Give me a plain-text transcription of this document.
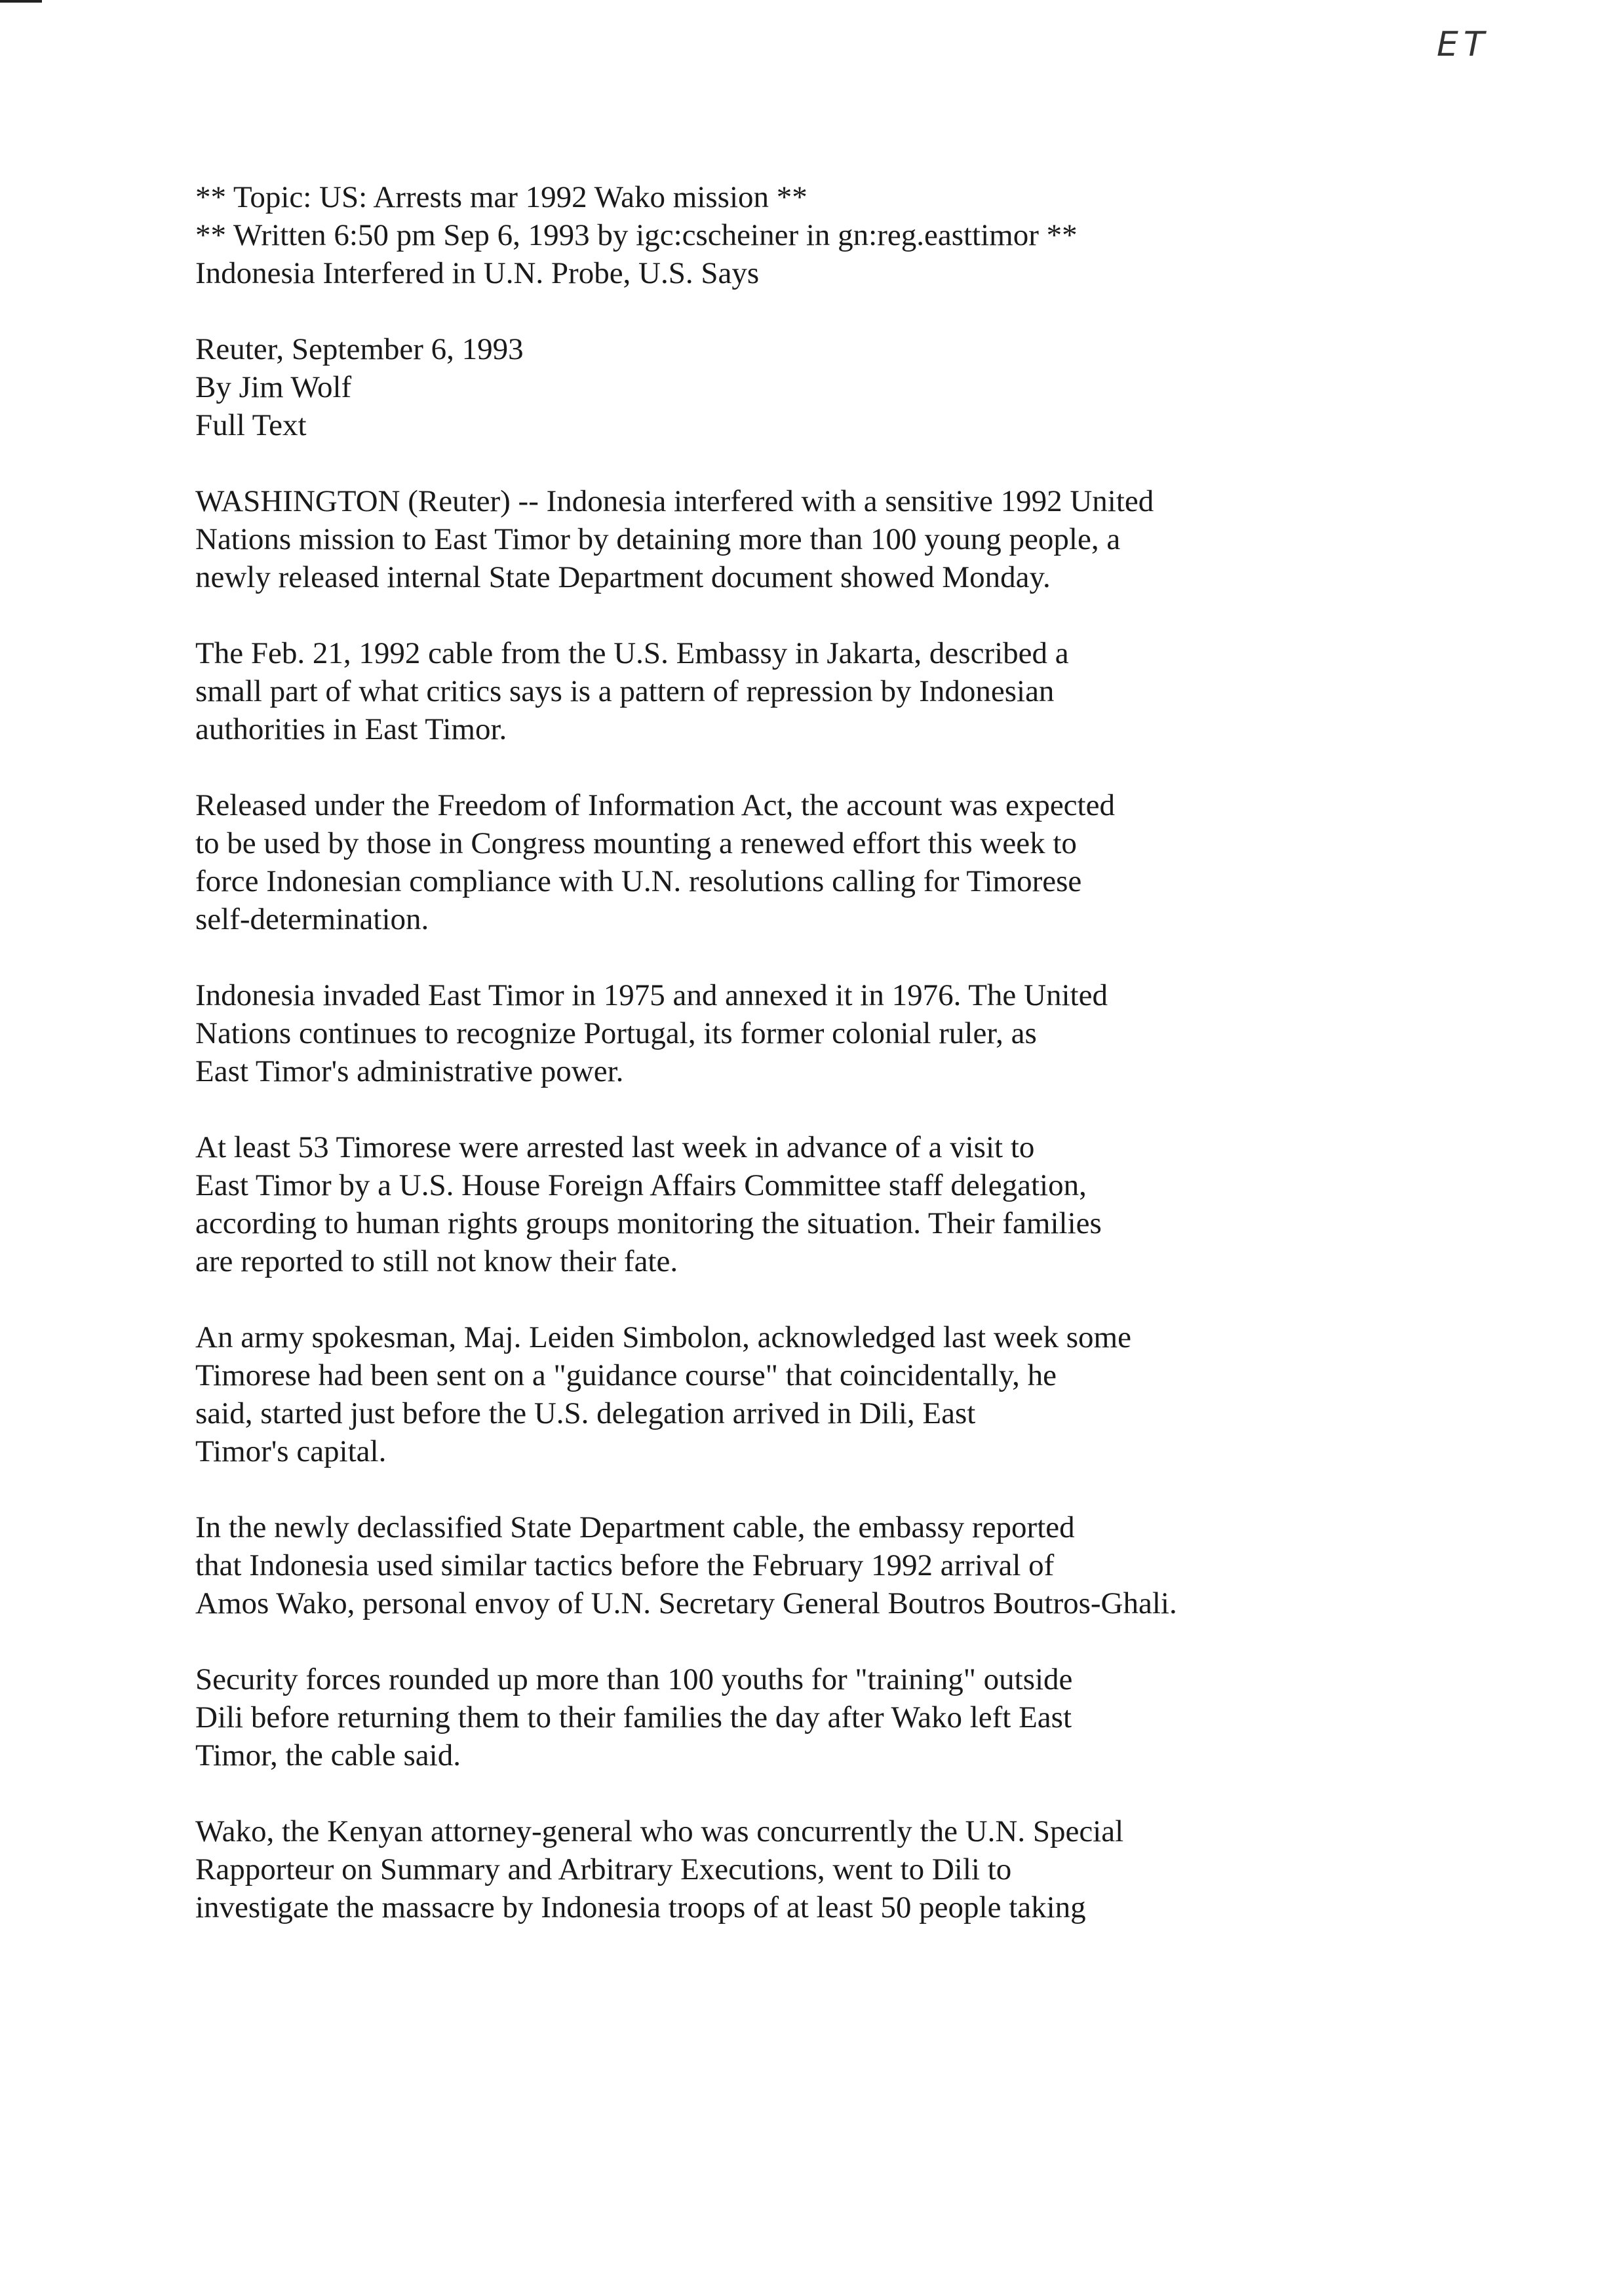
ET
** Topic: US: Arrests mar 1992 Wako mission **
** Written 6:50 pm Sep 6, 1993 by igc:cscheiner in gn:reg.easttimor **
Indonesia Interfered in U.N. Probe, U.S. Says
Reuter, September 6, 1993
By Jim Wolf
Full Text
WASHINGTON (Reuter) -- Indonesia interfered with a sensitive 1992 United
Nations mission to East Timor by detaining more than 100 young people, a
newly released internal State Department document showed Monday.
The Feb. 21, 1992 cable from the U.S. Embassy in Jakarta, described a
small part of what critics says is a pattern of repression by Indonesian
authorities in East Timor.
Released under the Freedom of Information Act, the account was expected
to be used by those in Congress mounting a renewed effort this week to
force Indonesian compliance with U.N. resolutions calling for Timorese
self-determination.
Indonesia invaded East Timor in 1975 and annexed it in 1976. The United
Nations continues to recognize Portugal, its former colonial ruler, as
East Timor's administrative power.
At least 53 Timorese were arrested last week in advance of a visit to
East Timor by a U.S. House Foreign Affairs Committee staff delegation,
according to human rights groups monitoring the situation. Their families
are reported to still not know their fate.
An army spokesman, Maj. Leiden Simbolon, acknowledged last week some
Timorese had been sent on a "guidance course" that coincidentally, he
said, started just before the U.S. delegation arrived in Dili, East
Timor's capital.
In the newly declassified State Department cable, the embassy reported
that Indonesia used similar tactics before the February 1992 arrival of
Amos Wako, personal envoy of U.N. Secretary General Boutros Boutros-Ghali.
Security forces rounded up more than 100 youths for "training" outside
Dili before returning them to their families the day after Wako left East
Timor, the cable said.
Wako, the Kenyan attorney-general who was concurrently the U.N. Special
Rapporteur on Summary and Arbitrary Executions, went to Dili to
investigate the massacre by Indonesia troops of at least 50 people taking
